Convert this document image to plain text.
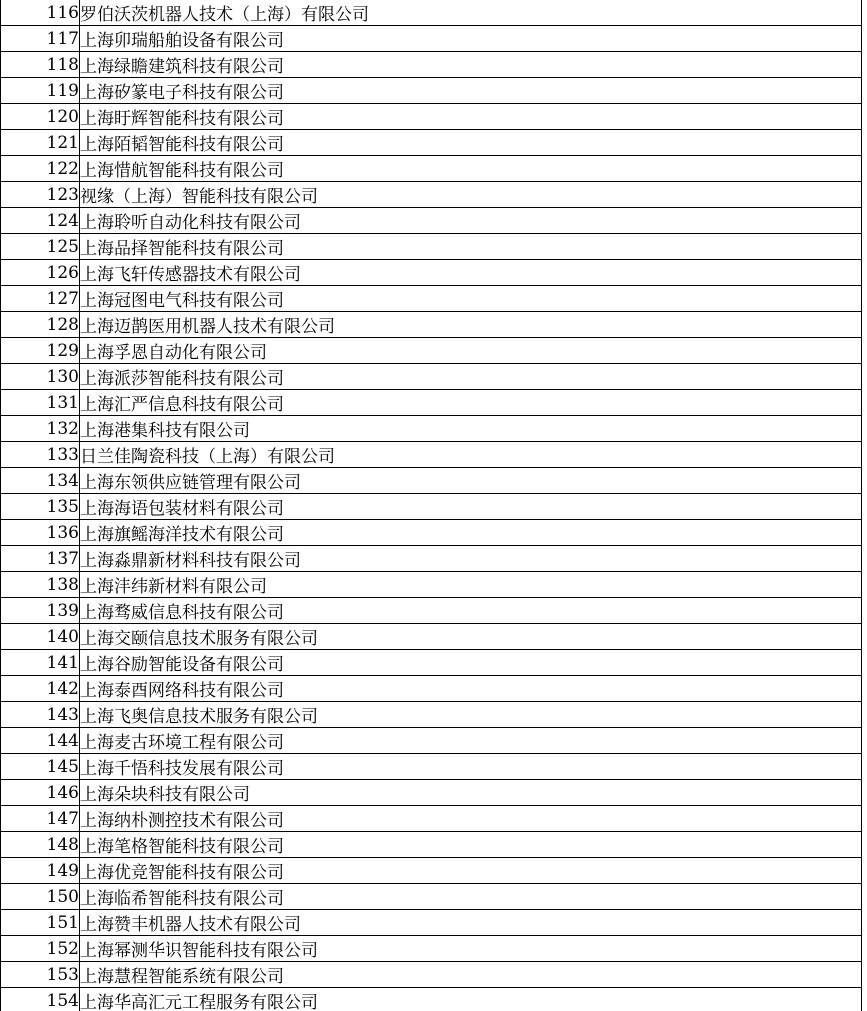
116	罗伯沃茨机器人技术（上海）有限公司
117	上海卯瑞船舶设备有限公司
118	上海绿瞻建筑科技有限公司
119	上海矽篆电子科技有限公司
120	上海盱辉智能科技有限公司
121	上海陌韬智能科技有限公司
122	上海惜航智能科技有限公司
123	视缘（上海）智能科技有限公司
124	上海聆听自动化科技有限公司
125	上海品择智能科技有限公司
126	上海飞轩传感器技术有限公司
127	上海冠图电气科技有限公司
128	上海迈鹊医用机器人技术有限公司
129	上海孚恩自动化有限公司
130	上海派莎智能科技有限公司
131	上海汇严信息科技有限公司
132	上海港集科技有限公司
133	日兰佳陶瓷科技（上海）有限公司
134	上海东领供应链管理有限公司
135	上海海语包装材料有限公司
136	上海旗鳐海洋技术有限公司
137	上海淼鼎新材料科技有限公司
138	上海沣纬新材料有限公司
139	上海骛威信息科技有限公司
140	上海交颐信息技术服务有限公司
141	上海谷励智能设备有限公司
142	上海泰酉网络科技有限公司
143	上海飞奥信息技术服务有限公司
144	上海麦古环境工程有限公司
145	上海千悟科技发展有限公司
146	上海朵块科技有限公司
147	上海纳朴测控技术有限公司
148	上海笔格智能科技有限公司
149	上海优竞智能科技有限公司
150	上海临希智能科技有限公司
151	上海赞丰机器人技术有限公司
152	上海幂测华识智能科技有限公司
153	上海慧程智能系统有限公司
154	上海华高汇元工程服务有限公司
